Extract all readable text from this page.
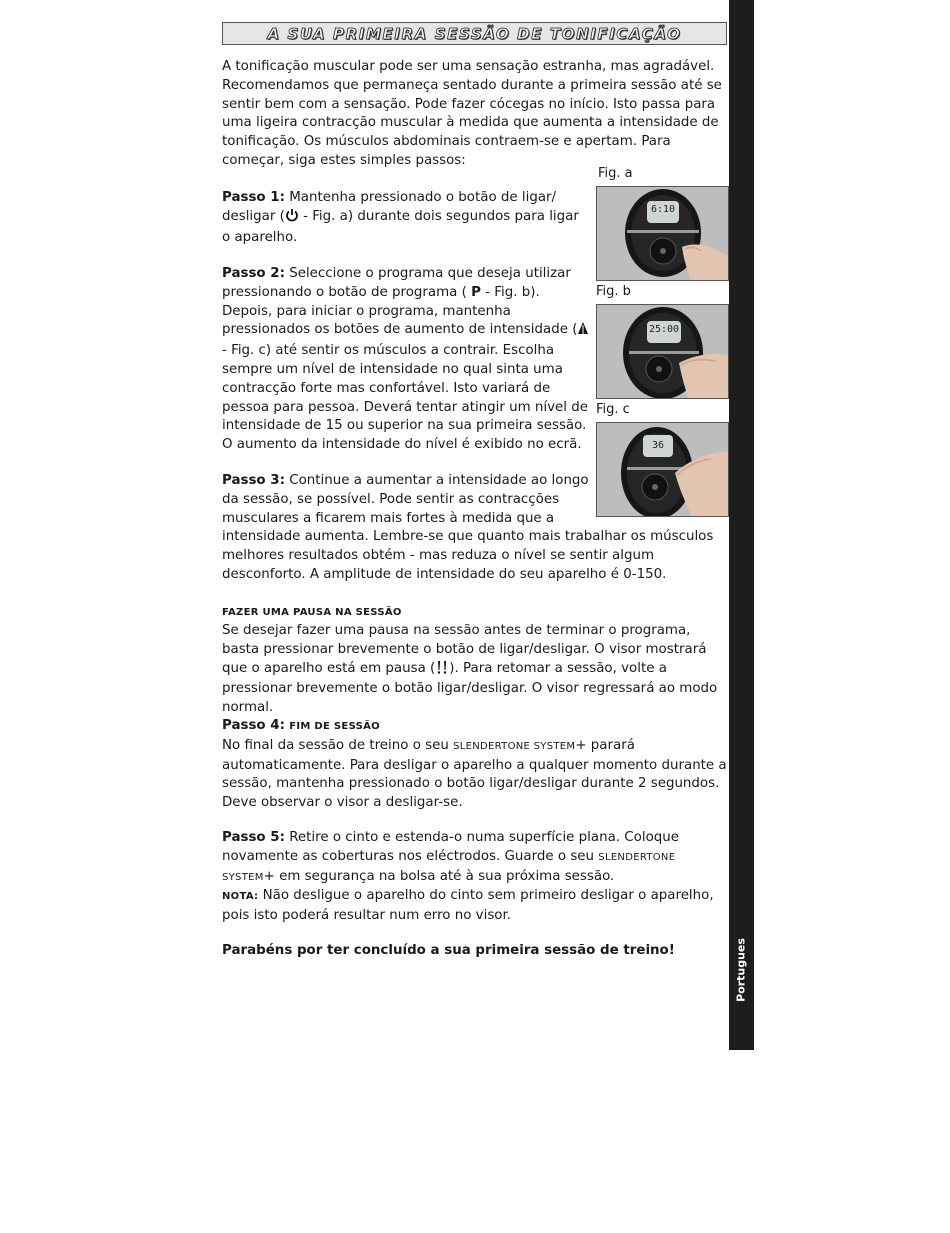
A SUA PRIMEIRA SESSÃO DE TONIFICAÇÃO
Portugues
A tonificação muscular pode ser uma sensação estranha, mas agradável. Recomendamos que permaneça sentado durante a primeira sessão até se sentir bem com a sensação. Pode fazer cócegas no início. Isto passa para uma ligeira contracção muscular à medida que aumenta a intensidade de tonificação. Os músculos abdominais contraem-se e apertam. Para começar, siga estes simples passos:
Passo 1: Mantenha pressionado o botão de ligar/ desligar ( - Fig. a) durante dois segundos para ligar o aparelho.
Passo 2: Seleccione o programa que deseja utilizar pressionando o botão de programa ( P - Fig. b). Depois, para iniciar o programa, mantenha pressionados os botões de aumento de intensidade ( - Fig. c) até sentir os músculos a contrair. Escolha sempre um nível de intensidade no qual sinta uma contracção forte mas confortável. Isto variará de pessoa para pessoa. Deverá tentar atingir um nível de intensidade de 15 ou superior na sua primeira sessão. O aumento da intensidade do nível é exibido no ecrã.
Passo 3: Continue a aumentar a intensidade ao longo da sessão, se possível. Pode sentir as contracções musculares a ficarem mais fortes à medida que a
intensidade aumenta. Lembre-se que quanto mais trabalhar os músculos melhores resultados obtém - mas reduza o nível se sentir algum desconforto. A amplitude de intensidade do seu aparelho é 0-150.
FAZER UMA PAUSA NA SESSÃO
Se desejar fazer uma pausa na sessão antes de terminar o programa, basta pressionar brevemente o botão de ligar/desligar. O visor mostrará que o aparelho está em pausa ( ). Para retomar a sessão, volte a pressionar brevemente o botão ligar/desligar. O visor regressará ao modo normal.
Passo 4: FIM DE SESSÃO
No final da sessão de treino o seu SLENDERTONE SYSTEM+ parará automaticamente. Para desligar o aparelho a qualquer momento durante a sessão, mantenha pressionado o botão ligar/desligar durante 2 segundos. Deve observar o visor a desligar-se.
Passo 5: Retire o cinto e estenda-o numa superfície plana. Coloque novamente as coberturas nos eléctrodos. Guarde o seu SLENDERTONE SYSTEM+ em segurança na bolsa até à sua próxima sessão.
NOTA: Não desligue o aparelho do cinto sem primeiro desligar o aparelho, pois isto poderá resultar num erro no visor.
Parabéns por ter concluído a sua primeira sessão de treino!
Fig. a
Fig. b
Fig. c
6:10
25:00
36
